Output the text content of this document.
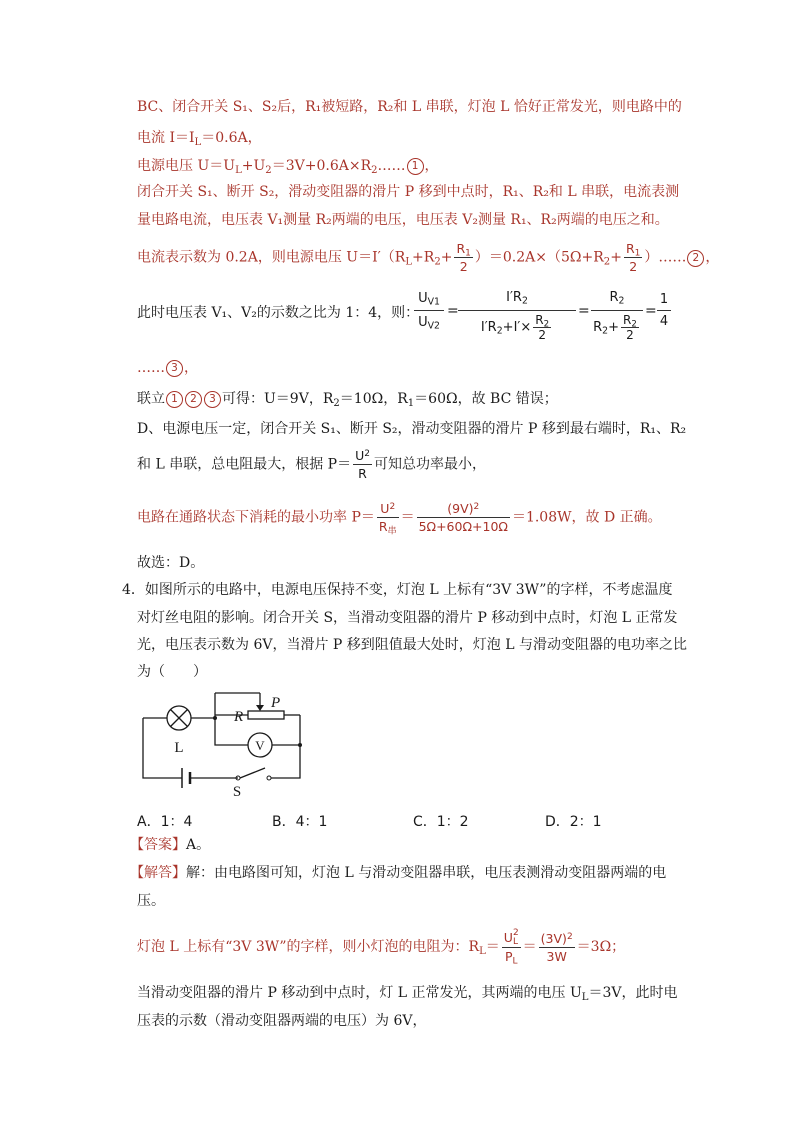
BC、闭合开关 S₁、S₂后，R₁被短路，R₂和 L 串联，灯泡 L 恰好正常发光，则电路中的
电流 $I=I_L=0.6A$，
电源电压 $U=U_L+U_2=3V+0.6A\times R_2\dots\dots$ 1 ，
闭合开关 S₁、断开 S₂，滑动变阻器的滑片 P 移到中点时，R₁、R₂和 L 串联，电流表测
量电路电流，电压表 V₁测量 R₂两端的电压，电压表 V₂测量 R₁、R₂两端的电压之和。
电流表示数为 0.2A，则电源电压 $U=I'(R_L+R_2+ \frac{R_1}{2} )=0.2A\times(5\Omega+R_2+ \frac{R_1}{2}$ ）…… 2 ，
此时电压表 V₁、V₂的示数之比为 1：4，则：
$\frac{U_{V1}}{U_{V2}} = \frac{I'R_2}{I'R_2+I'\times \frac{R_2}{2}} = \frac{R_2}{R_2+ \frac{R_2}{2}} = \frac{1}{4}$
…… 3 ，
联立 1 2 3 可得：U＝9V，$R_2=10\Omega$，$R_1=60\Omega$，故 BC 错误；
D、电源电压一定，闭合开关 S₁、断开 S₂，滑动变阻器的滑片 P 移到最右端时，R₁、R₂
和 L 串联，总电阻最大，根据 $P= \frac{U^2}{R}$ 可知总功率最小，
电路在通路状态下消耗的最小功率 $P= \frac{U^2}{R_串} = \frac{(9V)^2}{5\Omega+60\Omega+10\Omega} =1.08W$，故 D 正确。
故选：D。
4．如图所示的电路中，电源电压保持不变，灯泡 L 上标有“3V 3W”的字样，不考虑温度
对灯丝电阻的影响。闭合开关 S，当滑动变阻器的滑片 P 移动到中点时，灯泡 L 正常发
光，电压表示数为 6V，当滑片 P 移到阻值最大处时，灯泡 L 与滑动变阻器的电功率之比
为（　　）
L
R
P
V
S
A．1：4	B．4：1	C．1：2	D．2：1
【答案】A。
【解答】解：由电路图可知，灯泡 L 与滑动变阻器串联，电压表测滑动变阻器两端的电
压。
灯泡 L 上标有“3V 3W”的字样，则小灯泡的电阻为：$R_L= U$ 2
L
$P_L = \frac{(3V)^2}{3W} =3\Omega$；
当滑动变阻器的滑片 P 移动到中点时，灯 L 正常发光，其两端的电压 $U_L=3V$，此时电
压表的示数（滑动变阻器两端的电压）为 6V，
